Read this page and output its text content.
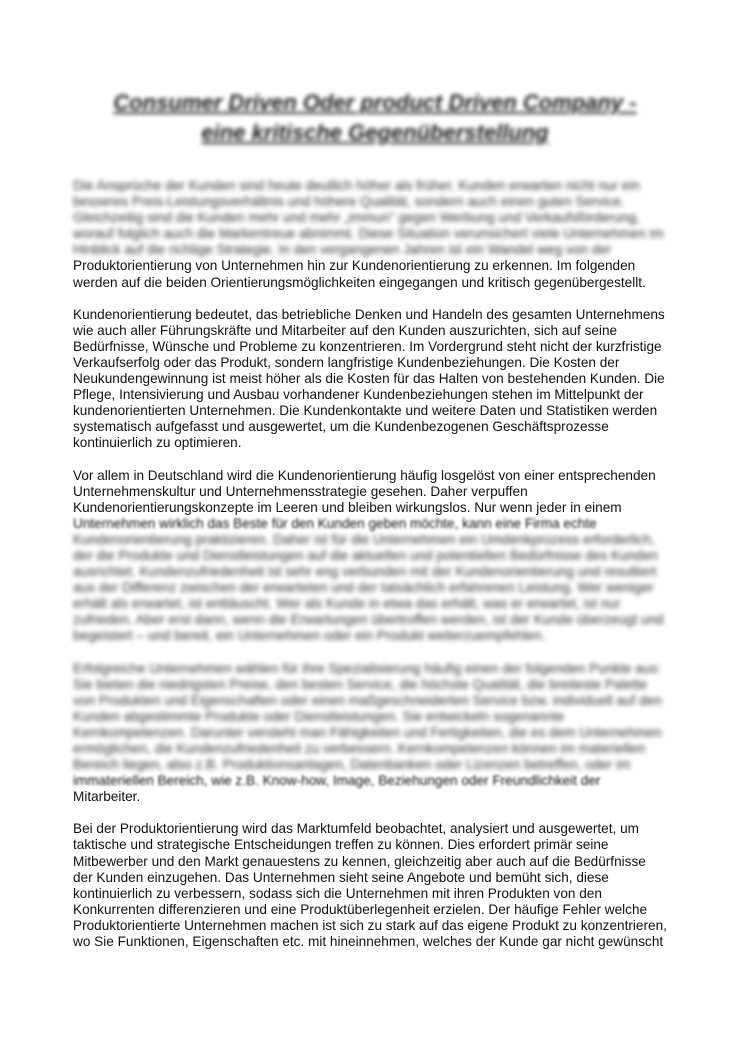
Consumer Driven Oder product Driven Company -
eine kritische Gegenüberstellung
Die Ansprüche der Kunden sind heute deutlich höher als früher. Kunden erwarten nicht nur ein
besseres Preis-Leistungsverhältnis und höhere Qualität, sondern auch einen guten Service.
Gleichzeitig sind die Kunden mehr und mehr „immun" gegen Werbung und Verkaufsförderung,
worauf folglich auch die Markentreue abnimmt. Diese Situation verunsichert viele Unternehmen im
Hinblick auf die richtige Strategie. In den vergangenen Jahren ist ein Wandel weg von der
Produktorientierung von Unternehmen hin zur Kundenorientierung zu erkennen. Im folgenden
werden auf die beiden Orientierungsmöglichkeiten eingegangen und kritisch gegenübergestellt.
Kundenorientierung bedeutet, das betriebliche Denken und Handeln des gesamten Unternehmens
wie auch aller Führungskräfte und Mitarbeiter auf den Kunden auszurichten, sich auf seine
Bedürfnisse, Wünsche und Probleme zu konzentrieren. Im Vordergrund steht nicht der kurzfristige
Verkaufserfolg oder das Produkt, sondern langfristige Kundenbeziehungen. Die Kosten der
Neukundengewinnung ist meist höher als die Kosten für das Halten von bestehenden Kunden. Die
Pflege, Intensivierung und Ausbau vorhandener Kundenbeziehungen stehen im Mittelpunkt der
kundenorientierten Unternehmen. Die Kundenkontakte und weitere Daten und Statistiken werden
systematisch aufgefasst und ausgewertet, um die Kundenbezogenen Geschäftsprozesse
kontinuierlich zu optimieren.
Vor allem in Deutschland wird die Kundenorientierung häufig losgelöst von einer entsprechenden
Unternehmenskultur und Unternehmensstrategie gesehen. Daher verpuffen
Kundenorientierungskonzepte im Leeren und bleiben wirkungslos. Nur wenn jeder in einem
Unternehmen wirklich das Beste für den Kunden geben möchte, kann eine Firma echte
Kundenorientierung praktizieren. Daher ist für die Unternehmen ein Umdenkprozess erforderlich,
der die Produkte und Dienstleistungen auf die aktuellen und potentiellen Bedürfnisse des Kunden
ausrichtet. Kundenzufriedenheit ist sehr eng verbunden mit der Kundenorientierung und resultiert
aus der Differenz zwischen der erwarteten und der tatsächlich erfahrenen Leistung. Wer weniger
erhält als erwartet, ist enttäuscht. Wer als Kunde in etwa das erhält, was er erwartet, ist nur
zufrieden. Aber erst dann, wenn die Erwartungen übertroffen werden, ist der Kunde überzeugt und
begeistert – und bereit, ein Unternehmen oder ein Produkt weiterzuempfehlen.
Erfolgreiche Unternehmen wählen für ihre Spezialisierung häufig einen der folgenden Punkte aus:
Sie bieten die niedrigsten Preise, den besten Service, die höchste Qualität, die breiteste Palette
von Produkten und Eigenschaften oder einen maßgeschneiderten Service bzw. individuell auf den
Kunden abgestimmte Produkte oder Dienstleistungen. Sie entwickeln sogenannte
Kernkompetenzen. Darunter versteht man Fähigkeiten und Fertigkeiten, die es dem Unternehmen
ermöglichen, die Kundenzufriedenheit zu verbessern. Kernkompetenzen können im materiellen
Bereich liegen, also z.B. Produktionsanlagen, Datenbanken oder Lizenzen betreffen, oder im
immateriellen Bereich, wie z.B. Know-how, Image, Beziehungen oder Freundlichkeit der
Mitarbeiter.
Bei der Produktorientierung wird das Marktumfeld beobachtet, analysiert und ausgewertet, um
taktische und strategische Entscheidungen treffen zu können. Dies erfordert primär seine
Mitbewerber und den Markt genauestens zu kennen, gleichzeitig aber auch auf die Bedürfnisse
der Kunden einzugehen. Das Unternehmen sieht seine Angebote und bemüht sich, diese
kontinuierlich zu verbessern, sodass sich die Unternehmen mit ihren Produkten von den
Konkurrenten differenzieren und eine Produktüberlegenheit erzielen. Der häufige Fehler welche
Produktorientierte Unternehmen machen ist sich zu stark auf das eigene Produkt zu konzentrieren,
wo Sie Funktionen, Eigenschaften etc. mit hineinnehmen, welches der Kunde gar nicht gewünscht
